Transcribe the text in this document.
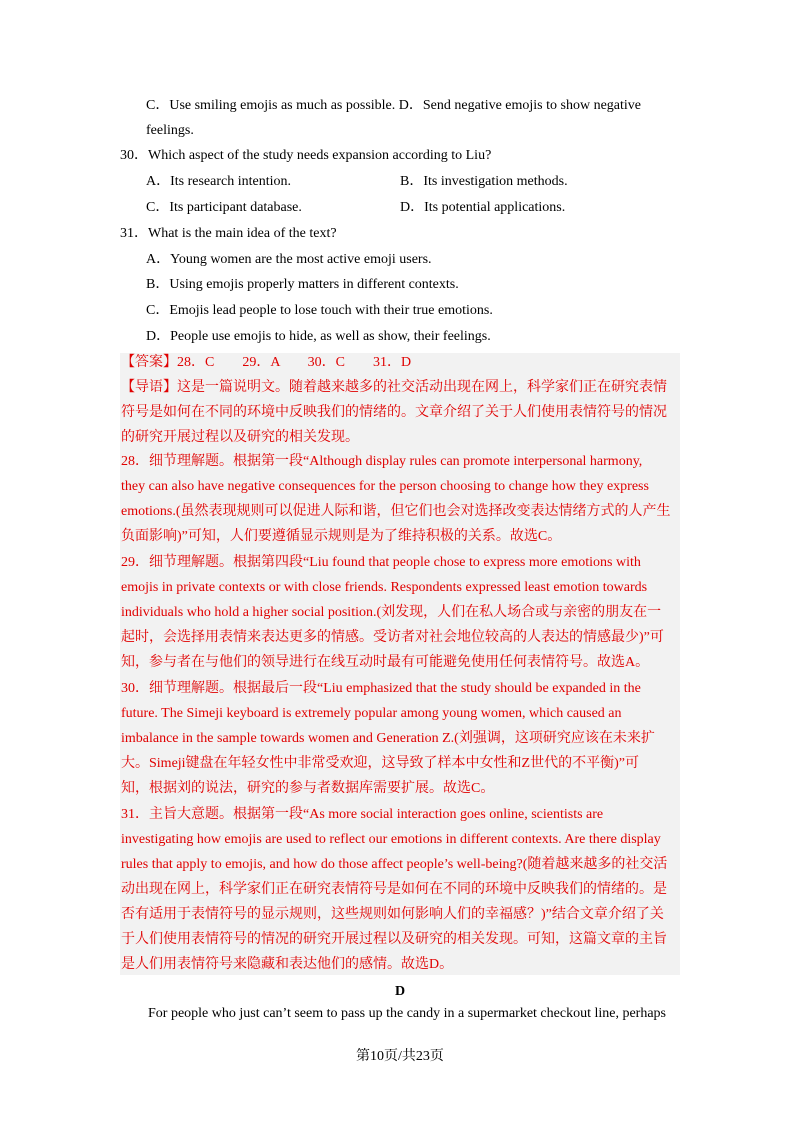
C．Use smiling emojis as much as possible. D．Send negative emojis to show negative
feelings.
30．Which aspect of the study needs expansion according to Liu?
A．Its research intention.	B．Its investigation methods.
C．Its participant database.	D．Its potential applications.
31．What is the main idea of the text?
A．Young women are the most active emoji users.
B．Using emojis properly matters in different contexts.
C．Emojis lead people to lose touch with their true emotions.
D．People use emojis to hide, as well as show, their feelings.
【答案】28．C　　29．A　　30．C　　31．D
【导语】这是一篇说明文。随着越来越多的社交活动出现在网上，科学家们正在研究表情
符号是如何在不同的环境中反映我们的情绪的。文章介绍了关于人们使用表情符号的情况
的研究开展过程以及研究的相关发现。
28．细节理解题。根据第一段“Although display rules can promote interpersonal harmony,
they can also have negative consequences for the person choosing to change how they express
emotions.(虽然表现规则可以促进人际和谐，但它们也会对选择改变表达情绪方式的人产生
负面影响)”可知，人们要遵循显示规则是为了维持积极的关系。故选C。
29．细节理解题。根据第四段“Liu found that people chose to express more emotions with
emojis in private contexts or with close friends. Respondents expressed least emotion towards
individuals who hold a higher social position.(刘发现，人们在私人场合或与亲密的朋友在一
起时，会选择用表情来表达更多的情感。受访者对社会地位较高的人表达的情感最少)”可
知，参与者在与他们的领导进行在线互动时最有可能避免使用任何表情符号。故选A。
30．细节理解题。根据最后一段“Liu emphasized that the study should be expanded in the
future. The Simeji keyboard is extremely popular among young women, which caused an
imbalance in the sample towards women and Generation Z.(刘强调，这项研究应该在未来扩
大。Simeji键盘在年轻女性中非常受欢迎，这导致了样本中女性和Z世代的不平衡)”可
知，根据刘的说法，研究的参与者数据库需要扩展。故选C。
31．主旨大意题。根据第一段“As more social interaction goes online, scientists are
investigating how emojis are used to reflect our emotions in different contexts. Are there display
rules that apply to emojis, and how do those affect people’s well-being?(随着越来越多的社交活
动出现在网上，科学家们正在研究表情符号是如何在不同的环境中反映我们的情绪的。是
否有适用于表情符号的显示规则，这些规则如何影响人们的幸福感？)”结合文章介绍了关
于人们使用表情符号的情况的研究开展过程以及研究的相关发现。可知，这篇文章的主旨
是人们用表情符号来隐藏和表达他们的感情。故选D。
D
For people who just can’t seem to pass up the candy in a supermarket checkout line, perhaps
第10页/共23页
